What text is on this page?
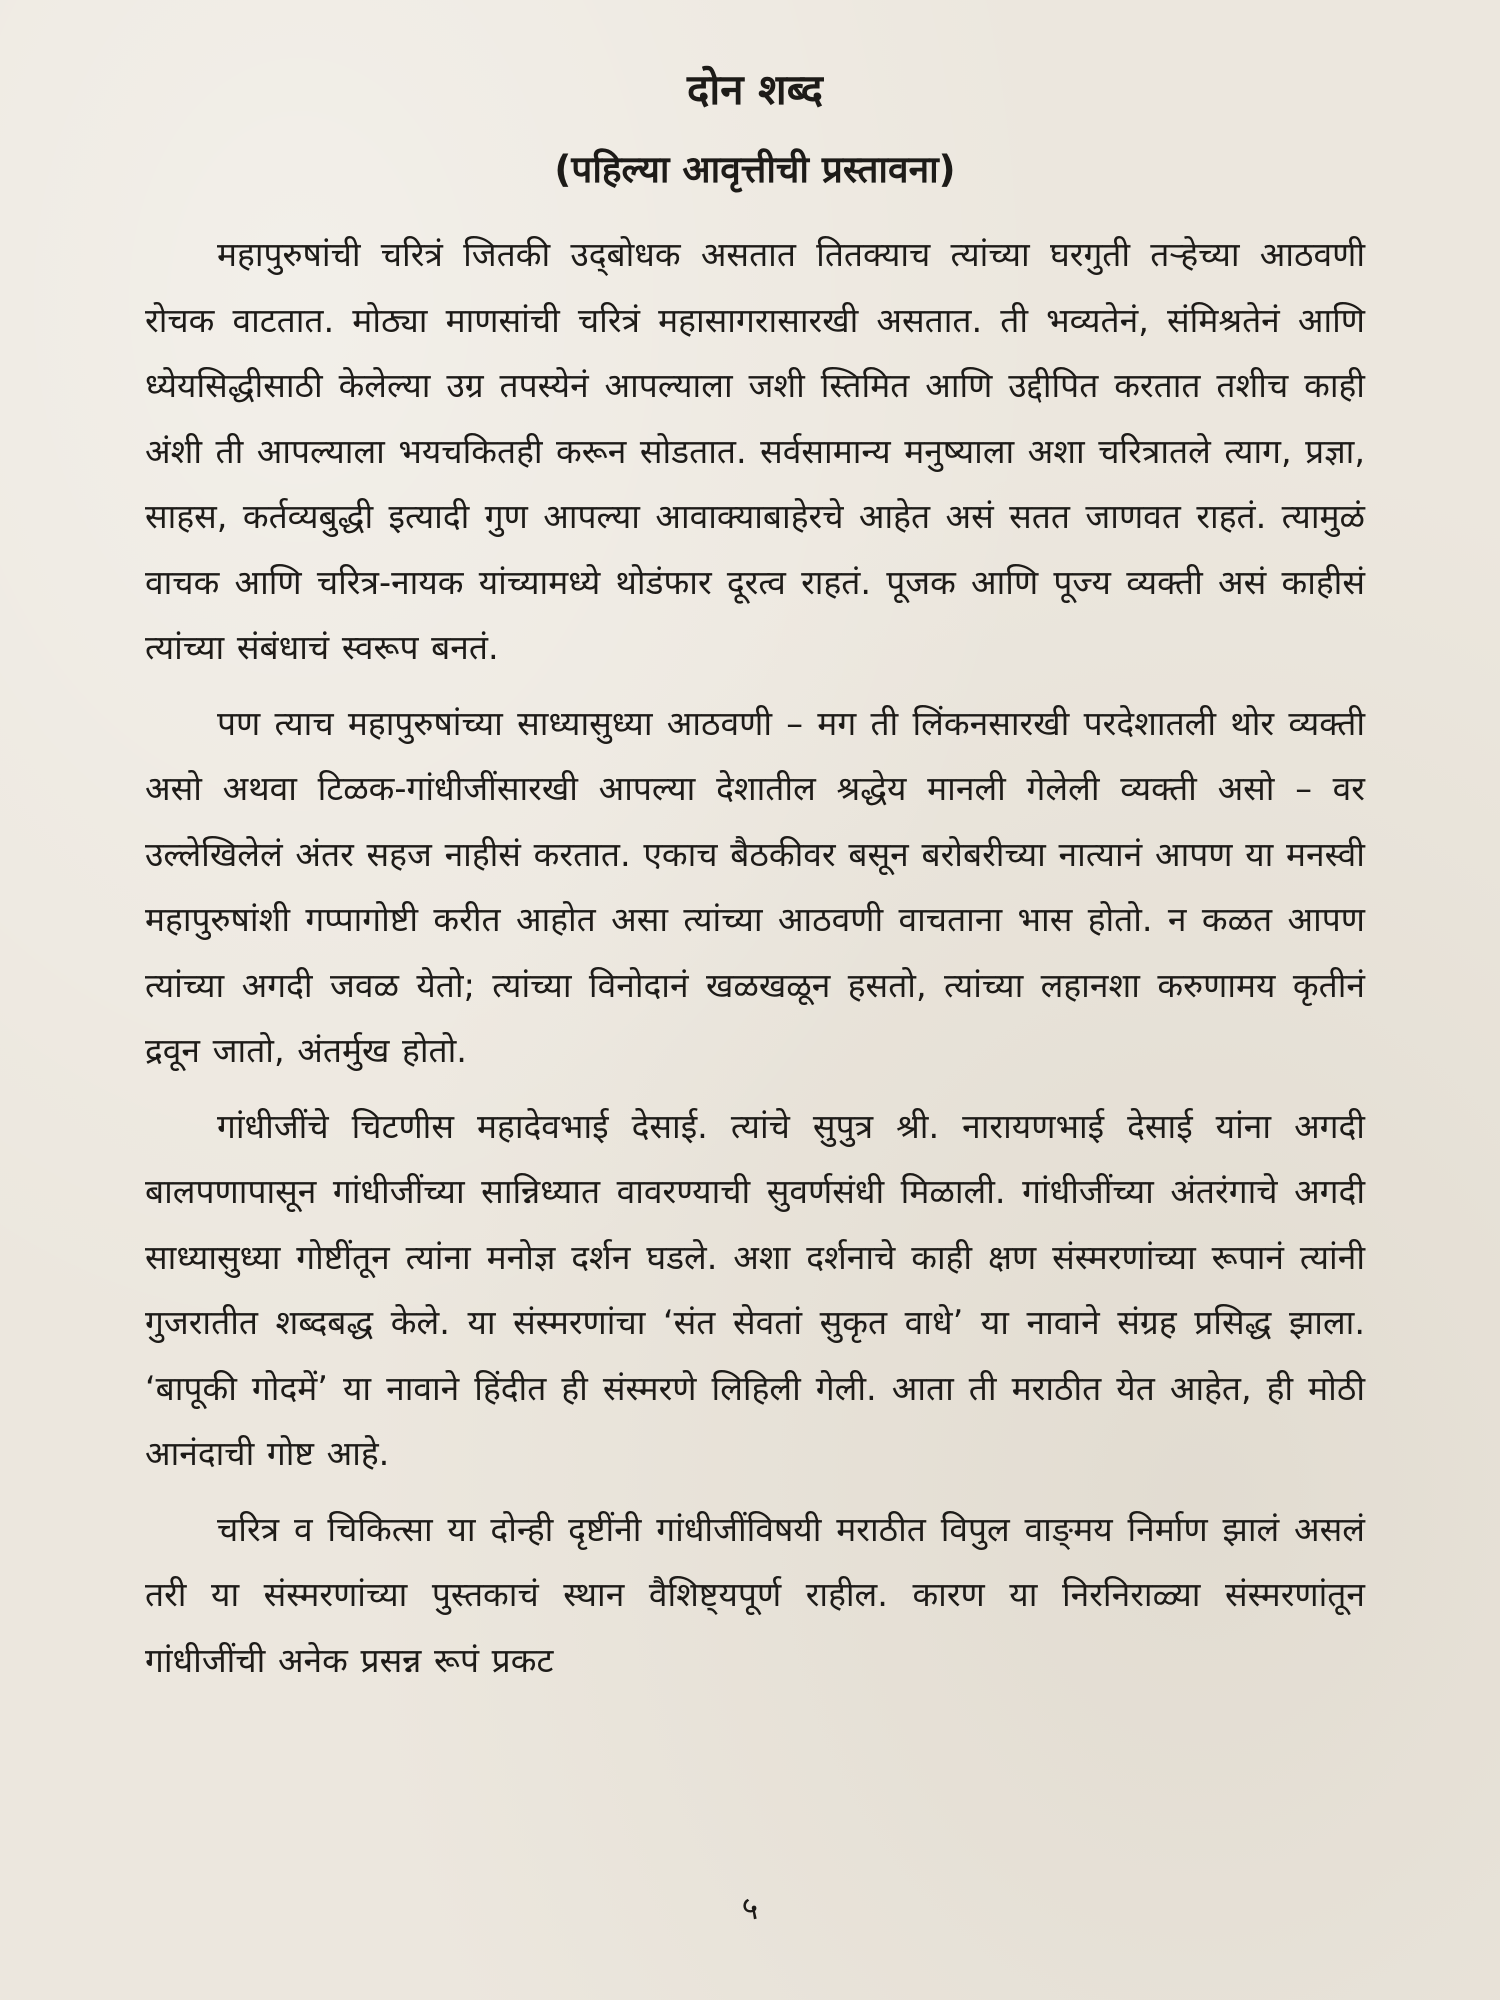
दोन शब्द
(पहिल्या आवृत्तीची प्रस्तावना)

महापुरुषांची चरित्रं जितकी उद्‌बोधक असतात तितक्याच त्यांच्या घरगुती तऱ्हेच्या आठवणी रोचक वाटतात. मोठ्या माणसांची चरित्रं महासागरासारखी असतात. ती भव्यतेनं, संमिश्रतेनं आणि ध्येयसिद्धीसाठी केलेल्या उग्र तपस्येनं आपल्याला जशी स्तिमित आणि उद्दीपित करतात तशीच काही अंशी ती आपल्याला भयचकितही करून सोडतात. सर्वसामान्य मनुष्याला अशा चरित्रातले त्याग, प्रज्ञा, साहस, कर्तव्यबुद्धी इत्यादी गुण आपल्या आवाक्याबाहेरचे आहेत असं सतत जाणवत राहतं. त्यामुळं वाचक आणि चरित्र-नायक यांच्यामध्ये थोडंफार दूरत्व राहतं. पूजक आणि पूज्य व्यक्ती असं काहीसं त्यांच्या संबंधाचं स्वरूप बनतं.

पण त्याच महापुरुषांच्या साध्यासुध्या आठवणी – मग ती लिंकनसारखी परदेशातली थोर व्यक्ती असो अथवा टिळक-गांधीजींसारखी आपल्या देशातील श्रद्धेय मानली गेलेली व्यक्ती असो – वर उल्लेखिलेलं अंतर सहज नाहीसं करतात. एकाच बैठकीवर बसून बरोबरीच्या नात्यानं आपण या मनस्वी महापुरुषांशी गप्पागोष्टी करीत आहोत असा त्यांच्या आठवणी वाचताना भास होतो. न कळत आपण त्यांच्या अगदी जवळ येतो; त्यांच्या विनोदानं खळखळून हसतो, त्यांच्या लहानशा करुणामय कृतीनं द्रवून जातो, अंतर्मुख होतो.

गांधीजींचे चिटणीस महादेवभाई देसाई. त्यांचे सुपुत्र श्री. नारायणभाई देसाई यांना अगदी बालपणापासून गांधीजींच्या सान्निध्यात वावरण्याची सुवर्णसंधी मिळाली. गांधीजींच्या अंतरंगाचे अगदी साध्यासुध्या गोष्टींतून त्यांना मनोज्ञ दर्शन घडले. अशा दर्शनाचे काही क्षण संस्मरणांच्या रूपानं त्यांनी गुजरातीत शब्दबद्ध केले. या संस्मरणांचा ‘संत सेवतां सुकृत वाधे’ या नावाने संग्रह प्रसिद्ध झाला. ‘बापूकी गोदमें’ या नावाने हिंदीत ही संस्मरणे लिहिली गेली. आता ती मराठीत येत आहेत, ही मोठी आनंदाची गोष्ट आहे.

चरित्र व चिकित्सा या दोन्ही दृष्टींनी गांधीजींविषयी मराठीत विपुल वाङ्‌मय निर्माण झालं असलं तरी या संस्मरणांच्या पुस्तकाचं स्थान वैशिष्ट्यपूर्ण राहील. कारण या निरनिराळ्या संस्मरणांतून गांधीजींची अनेक प्रसन्न रूपं प्रकट

५
